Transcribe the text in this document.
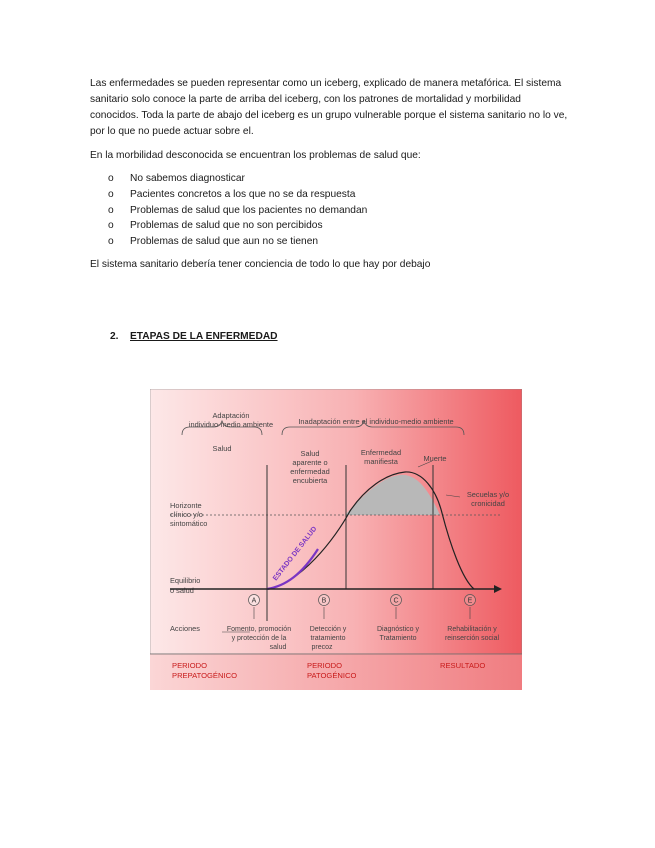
Las enfermedades se pueden representar como un iceberg, explicado de manera metafórica. El sistema sanitario solo conoce la parte de arriba del iceberg, con los patrones de mortalidad y morbilidad conocidos. Toda la parte de abajo del iceberg es un grupo vulnerable porque el sistema sanitario no lo ve, por lo que no puede actuar sobre el.

En la morbilidad desconocida se encuentran los problemas de salud que:

o No sabemos diagnosticar
o Pacientes concretos a los que no se da respuesta
o Problemas de salud que los pacientes no demandan
o Problemas de salud que no son percibidos
o Problemas de salud que aun no se tienen

El sistema sanitario debería tener conciencia de todo lo que hay por debajo

2. ETAPAS DE LA ENFERMEDAD
Adaptación
individuo-medio ambiente	Inadaptación entre el individuo-medio ambiente
Salud
Salud
aparente o
enfermedad
encubierta
Enfermedad
manifiesta	Muerte
Secuelas y/o
cronicidad
Horizonte
clínico y/o
sintomático
Equilibrio
o salud
Acciones
ESTADO DE SALUD
A	B	C	E
Fomento, promoción
y protección de la
salud
Detección y
tratamiento
precoz
Diagnóstico y
Tratamiento
Rehabilitación y
reinserción social
PERIODO
PREPATOGÉNICO
PERIODO
PATOGÉNICO
RESULTADO
